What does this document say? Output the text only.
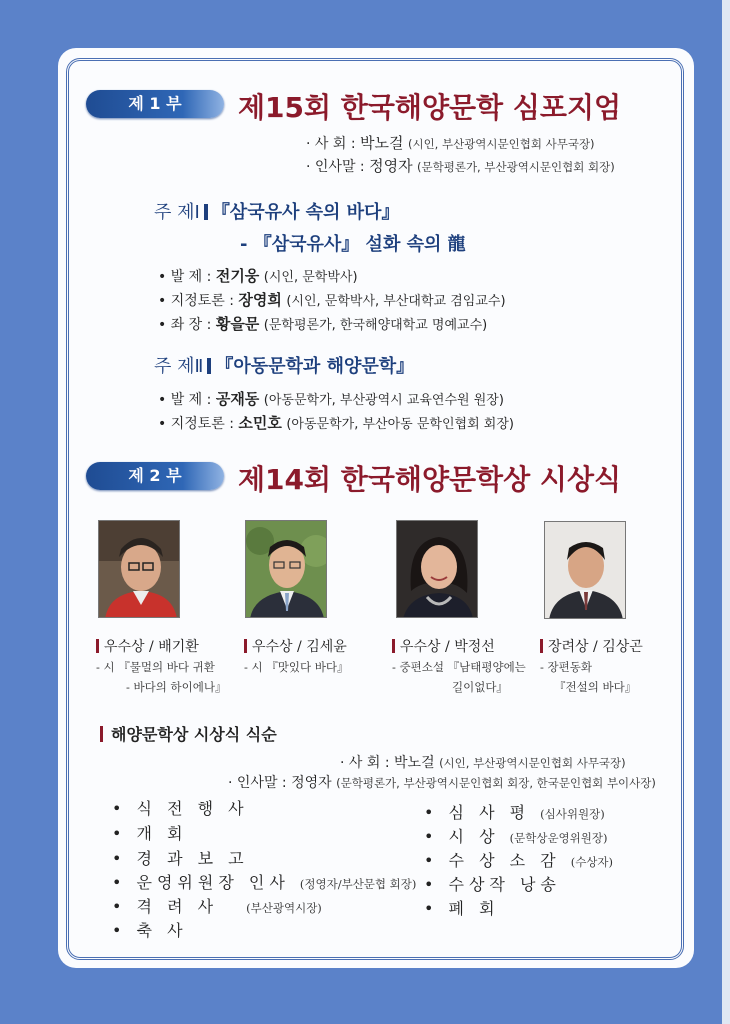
제 1 부	제15회 한국해양문학 심포지엄
· 사 회 : 박노걸 (시인, 부산광역시문인협회 사무국장)
· 인사말 : 정영자 (문학평론가, 부산광역시문인협회 회장)
주 제Ⅰ 『삼국유사 속의 바다』
- 『삼국유사』 설화 속의 龍
• 발 제 : 전기웅 (시인, 문학박사)
• 지정토론 : 장영희 (시인, 문학박사, 부산대학교 겸임교수)
• 좌 장 : 황을문 (문학평론가, 한국해양대학교 명예교수)
주 제Ⅱ 『아동문학과 해양문학』
• 발 제 : 공재동 (아동문학가, 부산광역시 교육연수원 원장)
• 지정토론 : 소민호 (아동문학가, 부산아동 문학인협회 회장)
제 2 부	제14회 한국해양문학상 시상식
우수상 / 배기환
- 시 『물멀의 바다 귀환
- 바다의 하이에나』
우수상 / 김세윤
- 시 『맛있다 바다』
우수상 / 박정선
- 중편소설 『남태평양에는
길이없다』
장려상 / 김상곤
- 장편동화
『전설의 바다』
해양문학상 시상식 식순
· 사 회 : 박노걸 (시인, 부산광역시문인협회 사무국장)
· 인사말 : 정영자 (문학평론가, 부산광역시문인협회 회장, 한국문인협회 부이사장)
• 식 전 행 사
• 개 회
• 경 과 보 고
• 운영위원장 인사 (정영자/부산문협 회장)
• 격 려 사 (부산광역시장)
• 축 사
• 심 사 평 (심사위원장)
• 시 상 (문학상운영위원장)
• 수 상 소 감 (수상자)
• 수상작 낭송
• 폐 회
